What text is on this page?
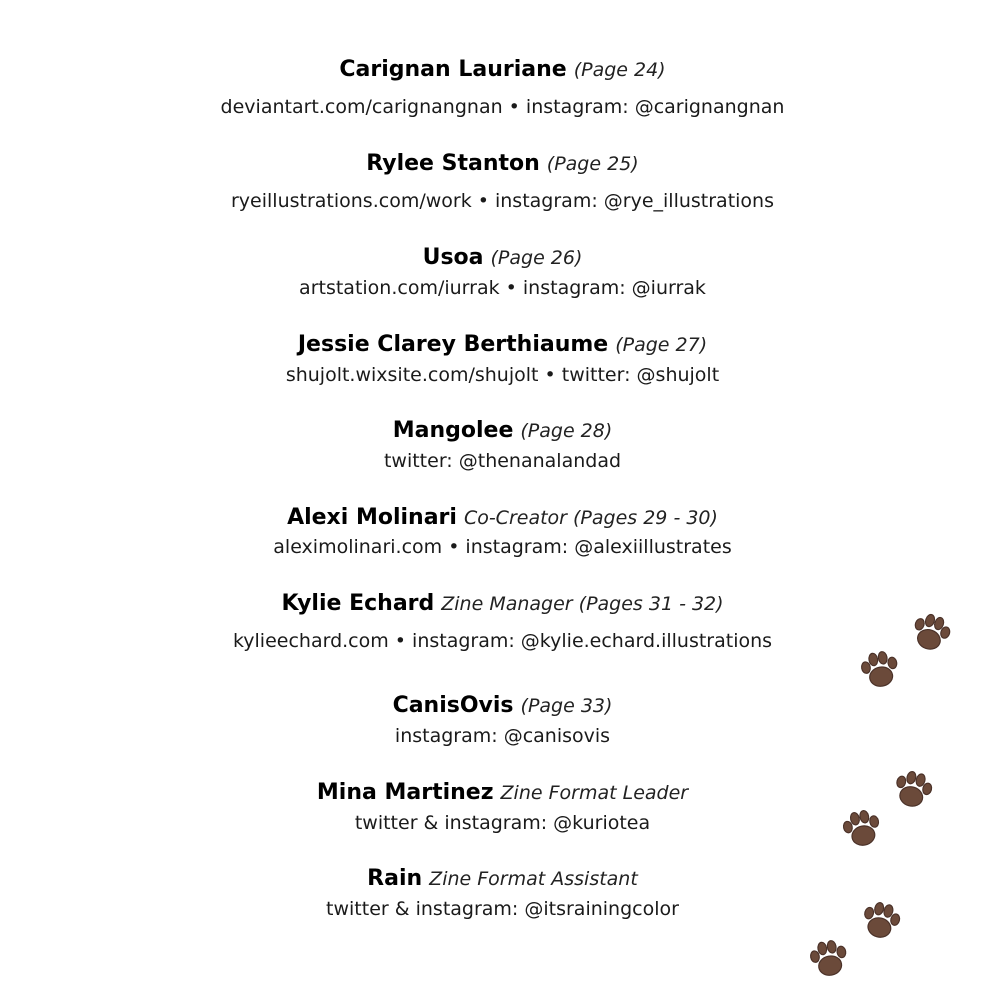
Carignan Lauriane (Page 24)
deviantart.com/carignangnan • instagram: @carignangnan
Rylee Stanton (Page 25)
ryeillustrations.com/work • instagram: @rye_illustrations
Usoa (Page 26)
artstation.com/iurrak • instagram: @iurrak
Jessie Clarey Berthiaume (Page 27)
shujolt.wixsite.com/shujolt • twitter: @shujolt
Mangolee (Page 28)
twitter: @thenanalandad
Alexi Molinari Co-Creator (Pages 29 - 30)
aleximolinari.com • instagram: @alexiillustrates
Kylie Echard Zine Manager (Pages 31 - 32)
kylieechard.com • instagram: @kylie.echard.illustrations
CanisOvis (Page 33)
instagram: @canisovis
Mina Martinez Zine Format Leader
twitter & instagram: @kuriotea
Rain Zine Format Assistant
twitter & instagram: @itsrainingcolor
